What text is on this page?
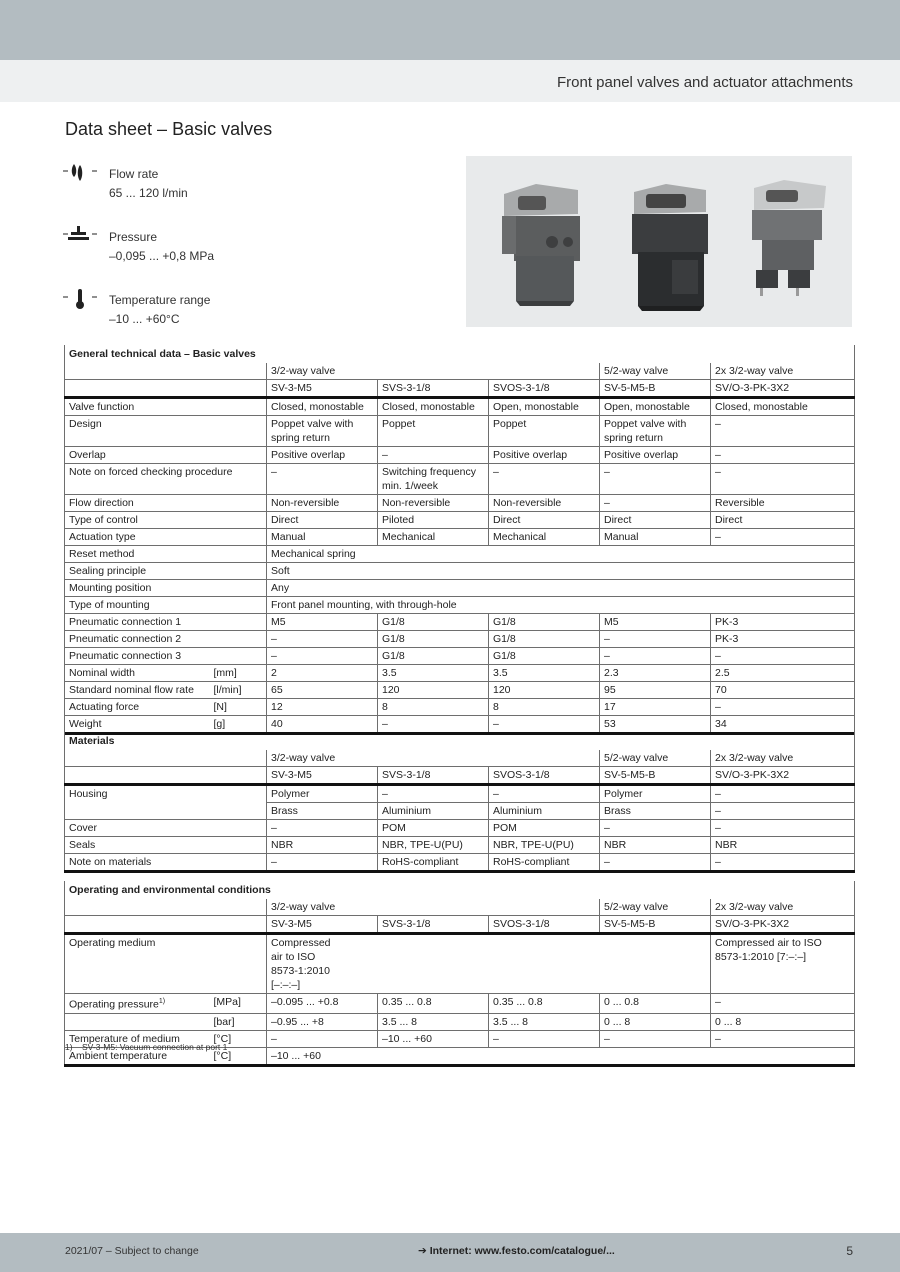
Front panel valves and actuator attachments
Data sheet – Basic valves
Flow rate
65 ... 120 l/min
Pressure
–0,095 ... +0,8 MPa
Temperature range
–10 ... +60°C
General technical data – Basic valves						
		3/2-way valve			5/2-way valve	2x 3/2-way valve
		SV-3-M5	SVS-3-1/8	SVOS-3-1/8	SV-5-M5-B	SV/O-3-PK-3X2
Valve function		Closed, monostable	Closed, monostable	Open, monostable	Open, monostable	Closed, monostable
Design		Poppet valve with spring return	Poppet	Poppet	Poppet valve with spring return	–
Overlap		Positive overlap	–	Positive overlap	Positive overlap	–
Note on forced checking procedure		–	Switching frequency min. 1/week	–	–	–
Flow direction		Non-reversible	Non-reversible	Non-reversible	–	Reversible
Type of control		Direct	Piloted	Direct	Direct	Direct
Actuation type		Manual	Mechanical	Mechanical	Manual	–
Reset method		Mechanical spring				
Sealing principle		Soft				
Mounting position		Any				
Type of mounting		Front panel mounting, with through-hole				
Pneumatic connection 1		M5	G1/8	G1/8	M5	PK-3
Pneumatic connection 2		–	G1/8	G1/8	–	PK-3
Pneumatic connection 3		–	G1/8	G1/8	–	–
Nominal width	[mm]	2	3.5	3.5	2.3	2.5
Standard nominal flow rate	[l/min]	65	120	120	95	70
Actuating force	[N]	12	8	8	17	–
Weight	[g]	40	–	–	53	34
Materials					
	3/2-way valve			5/2-way valve	2x 3/2-way valve
	SV-3-M5	SVS-3-1/8	SVOS-3-1/8	SV-5-M5-B	SV/O-3-PK-3X2
Housing	Polymer	–	–	Polymer	–
	Brass	Aluminium	Aluminium	Brass	–
Cover	–	POM	POM	–	–
Seals	NBR	NBR, TPE-U(PU)	NBR, TPE-U(PU)	NBR	NBR
Note on materials	–	RoHS-compliant	RoHS-compliant	–	–
Operating and environmental conditions						
		3/2-way valve			5/2-way valve	2x 3/2-way valve
		SV-3-M5	SVS-3-1/8	SVOS-3-1/8	SV-5-M5-B	SV/O-3-PK-3X2
Operating medium		Compressed air to ISO 8573-1:2010 [–:–:–]				Compressed air to ISO 8573-1:2010 [7:–:–]
Operating pressure$^{1)}$	[MPa]	–0.095 ... +0.8	0.35 ... 0.8	0.35 ... 0.8	0 ... 0.8	–
	[bar]	–0.95 ... +8	3.5 ... 8	3.5 ... 8	0 ... 8	0 ... 8
Temperature of medium	[°C]	–	–10 ... +60	–	–	–
Ambient temperature	[°C]	–10 ... +60				
1) SV-3-M5: Vacuum connection at port 1
2021/07 – Subject to change	➔ Internet: www.festo.com/catalogue/...	5
